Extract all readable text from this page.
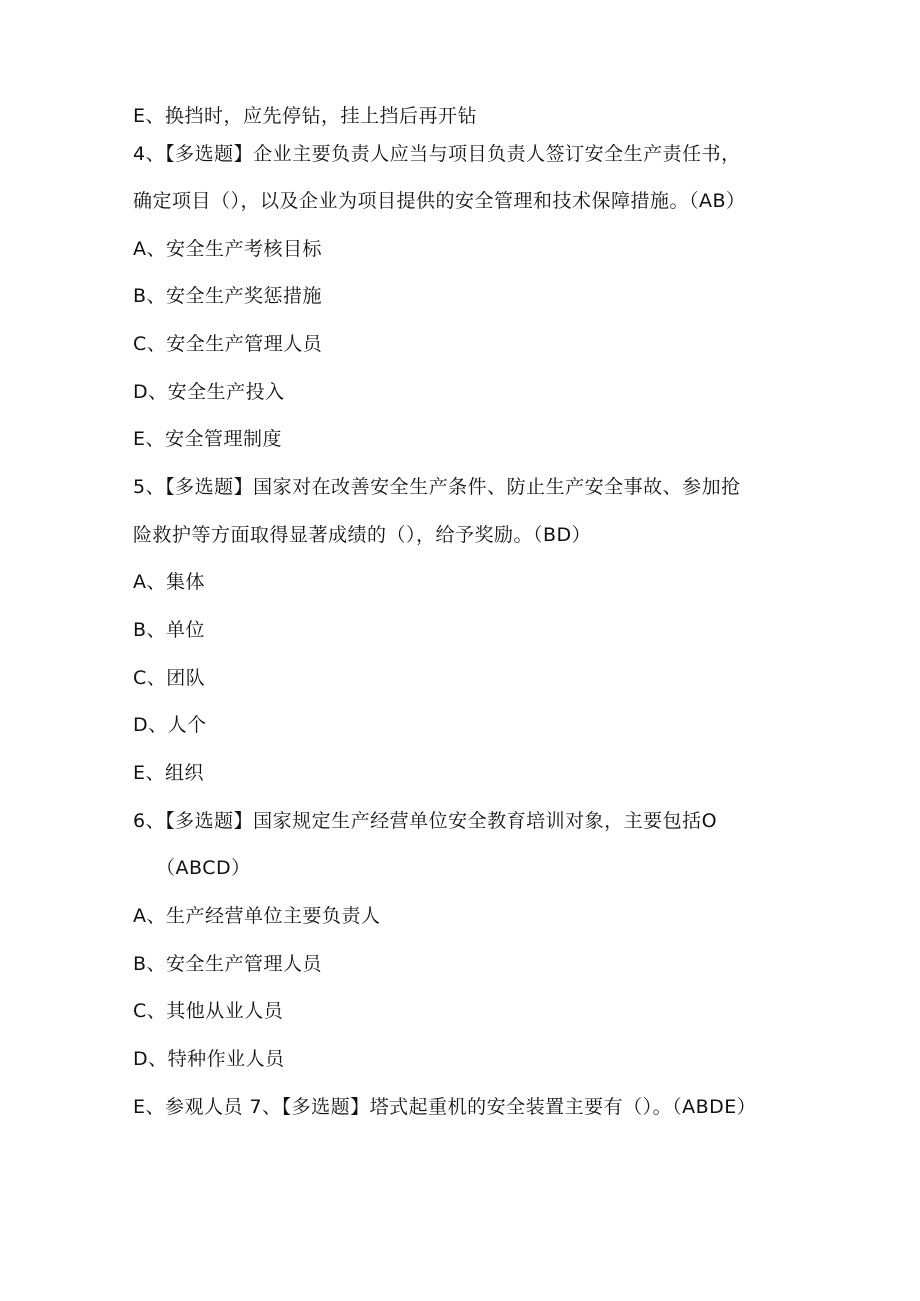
E、换挡时，应先停钻，挂上挡后再开钻
4、【多选题】企业主要负责人应当与项目负责人签订安全生产责任书，
确定项目（），以及企业为项目提供的安全管理和技术保障措施。（AB）
A、安全生产考核目标
B、安全生产奖惩措施
C、安全生产管理人员
D、安全生产投入
E、安全管理制度
5、【多选题】国家对在改善安全生产条件、防止生产安全事故、参加抢
险救护等方面取得显著成绩的（），给予奖励。（BD）
A、集体
B、单位
C、团队
D、人个
E、组织
6、【多选题】国家规定生产经营单位安全教育培训对象，主要包括O
（ABCD）
A、生产经营单位主要负责人
B、安全生产管理人员
C、其他从业人员
D、特种作业人员
E、参观人员 7、【多选题】塔式起重机的安全装置主要有（）。（ABDE）
